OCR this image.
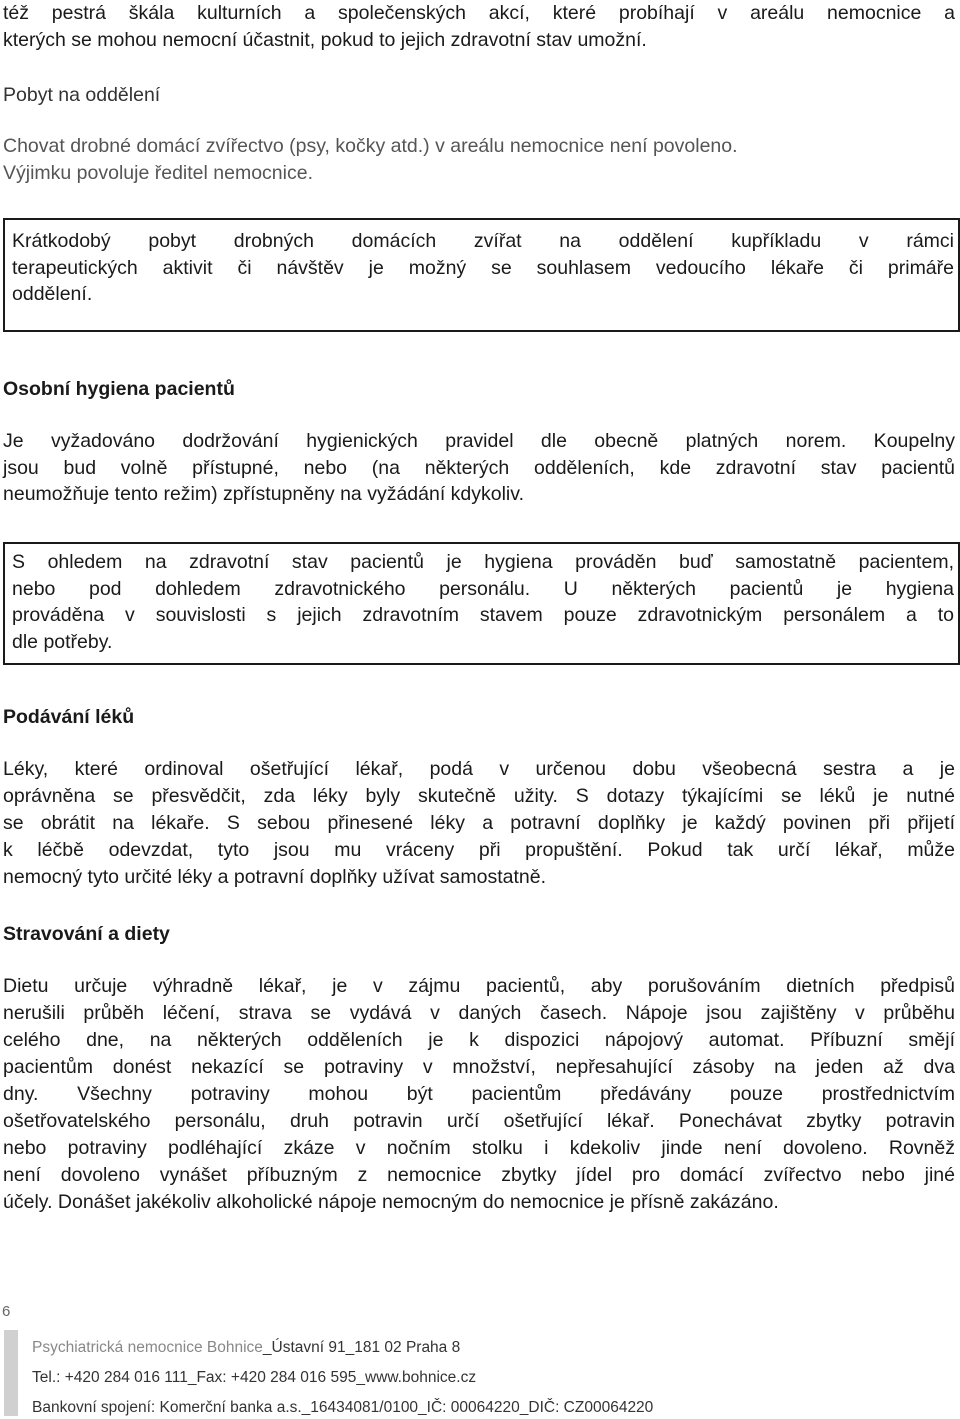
též pestrá škála kulturních a společenských akcí, které probíhají v areálu nemocnice a
kterých se mohou nemocní účastnit, pokud to jejich zdravotní stav umožní.
Pobyt na oddělení
Chovat drobné domácí zvířectvo (psy, kočky atd.) v areálu nemocnice není povoleno.
Výjimku povoluje ředitel nemocnice.
Krátkodobý pobyt drobných domácích zvířat na oddělení kupříkladu v rámci
terapeutických aktivit či návštěv je možný se souhlasem vedoucího lékaře či primáře
oddělení.
Osobní hygiena pacientů
Je vyžadováno dodržování hygienických pravidel dle obecně platných norem. Koupelny
jsou bud volně přístupné, nebo (na některých odděleních, kde zdravotní stav pacientů
neumožňuje tento režim) zpřístupněny na vyžádání kdykoliv.
S ohledem na zdravotní stav pacientů je hygiena prováděn buď samostatně pacientem,
nebo pod dohledem zdravotnického personálu. U některých pacientů je hygiena
prováděna v souvislosti s jejich zdravotním stavem pouze zdravotnickým personálem a to
dle potřeby.
Podávání léků
Léky, které ordinoval ošetřující lékař, podá v určenou dobu všeobecná sestra a je
oprávněna se přesvědčit, zda léky byly skutečně užity. S dotazy týkajícími se léků je nutné
se obrátit na lékaře. S sebou přinesené léky a potravní doplňky je každý povinen při přijetí
k léčbě odevzdat, tyto jsou mu vráceny při propuštění. Pokud tak určí lékař, může
nemocný tyto určité léky a potravní doplňky užívat samostatně.
Stravování a diety
Dietu určuje výhradně lékař, je v zájmu pacientů, aby porušováním dietních předpisů
nerušili průběh léčení, strava se vydává v daných časech. Nápoje jsou zajištěny v průběhu
celého dne, na některých odděleních je k dispozici nápojový automat. Příbuzní smějí
pacientům donést nekazící se potraviny v množství, nepřesahující zásoby na jeden až dva
dny. Všechny potraviny mohou být pacientům předávány pouze prostřednictvím
ošetřovatelského personálu, druh potravin určí ošetřující lékař. Ponechávat zbytky potravin
nebo potraviny podléhající zkáze v nočním stolku i kdekoliv jinde není dovoleno. Rovněž
není dovoleno vynášet příbuzným z nemocnice zbytky jídel pro domácí zvířectvo nebo jiné
účely. Donášet jakékoliv alkoholické nápoje nemocným do nemocnice je přísně zakázáno.
6
Psychiatrická nemocnice Bohnice_Ústavní 91_181 02 Praha 8
Tel.: +420 284 016 111_Fax: +420 284 016 595_www.bohnice.cz
Bankovní spojení: Komerční banka a.s._16434081/0100_IČ: 00064220_DIČ: CZ00064220
